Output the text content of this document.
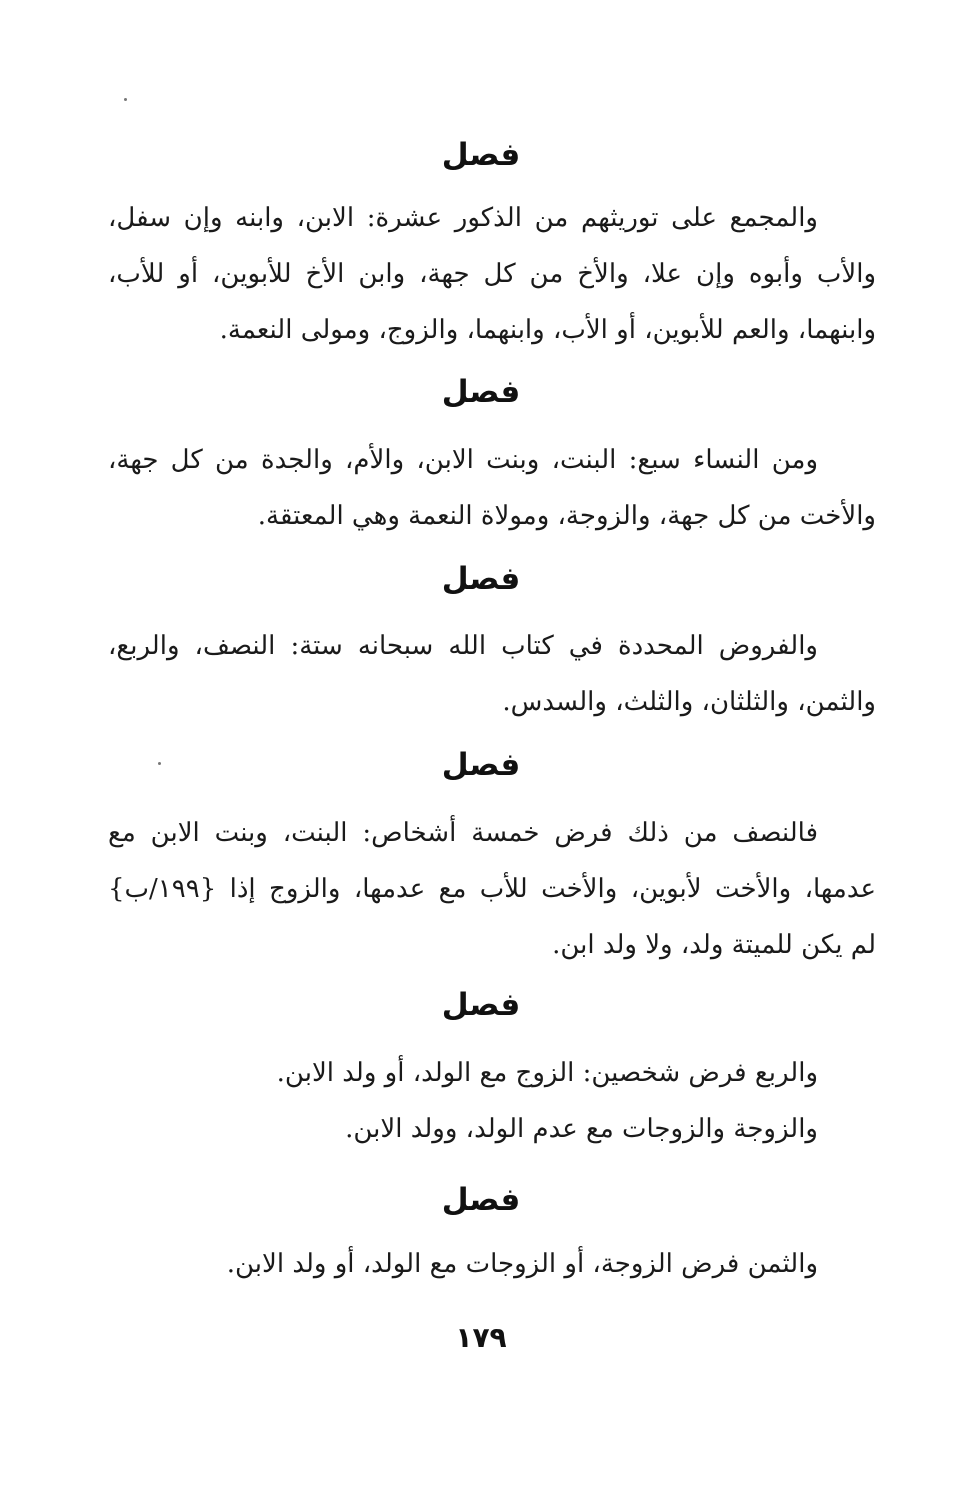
فصل
والمجمع على توريثهم من الذكور عشرة: الابن، وابنه وإن سفل،
والأب وأبوه وإن علا، والأخ من كل جهة، وابن الأخ للأبوين، أو للأب،
وابنهما، والعم للأبوين، أو الأب، وابنهما، والزوج، ومولى النعمة.
فصل
ومن النساء سبع: البنت، وبنت الابن، والأم، والجدة من كل جهة،
والأخت من كل جهة، والزوجة، ومولاة النعمة وهي المعتقة.
فصل
والفروض المحددة في كتاب الله سبحانه ستة: النصف، والربع،
والثمن، والثلثان، والثلث، والسدس.
فصل
فالنصف من ذلك فرض خمسة أشخاص: البنت، وبنت الابن مع
عدمها، والأخت لأبوين، والأخت للأب مع عدمها، والزوج إذا {١٩٩/ب}
لم يكن للميتة ولد، ولا ولد ابن.
فصل
والربع فرض شخصين: الزوج مع الولد، أو ولد الابن.
والزوجة والزوجات مع عدم الولد، وولد الابن.
فصل
والثمن فرض الزوجة، أو الزوجات مع الولد، أو ولد الابن.
١٧٩
